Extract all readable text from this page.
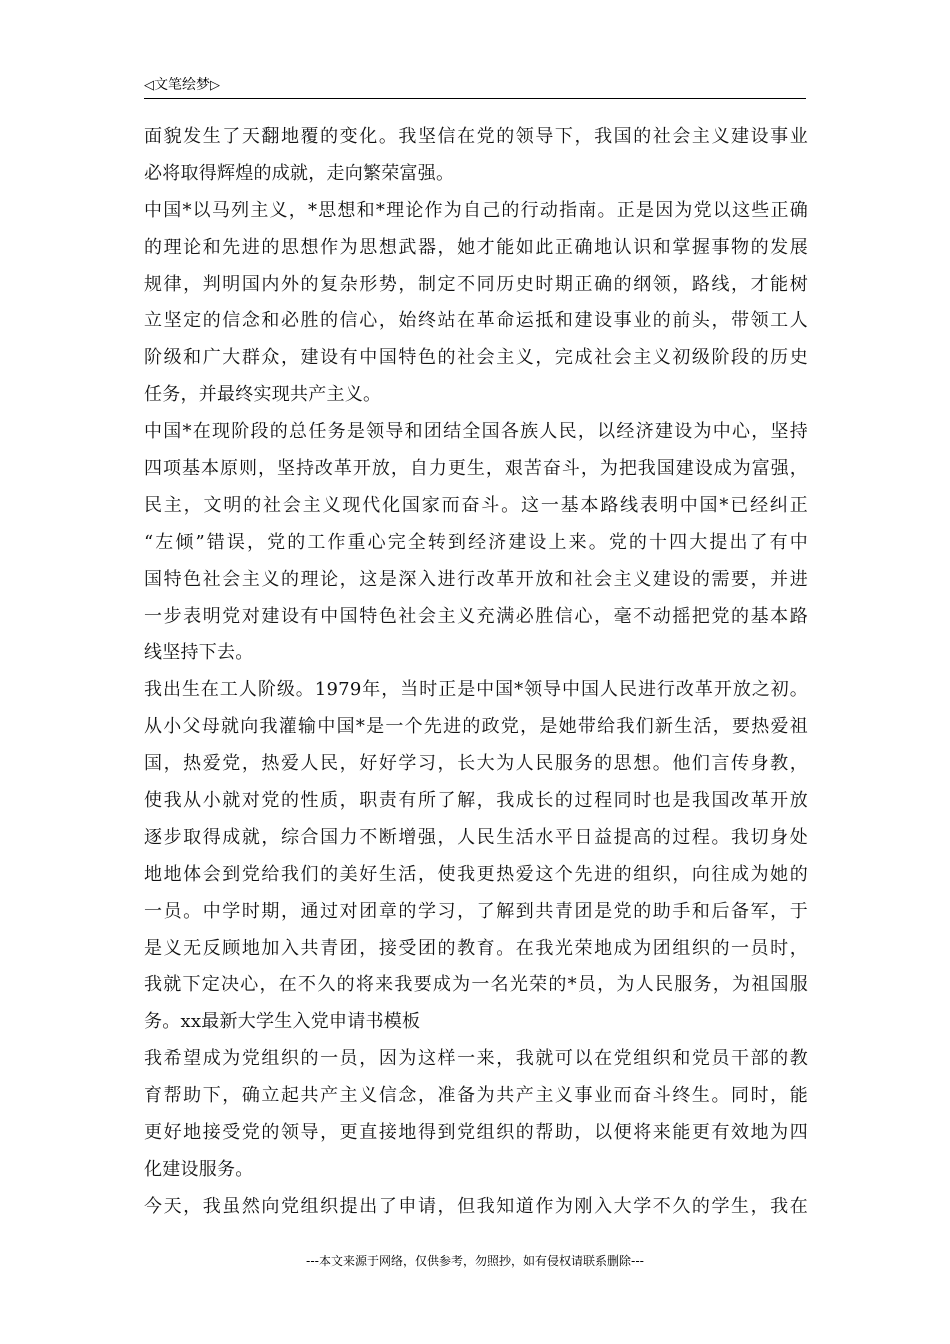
◁文笔绘梦▷
面貌发生了天翻地覆的变化。我坚信在党的领导下，我国的社会主义建设事业
必将取得辉煌的成就，走向繁荣富强。
中国*以马列主义，*思想和*理论作为自己的行动指南。正是因为党以这些正确
的理论和先进的思想作为思想武器，她才能如此正确地认识和掌握事物的发展
规律，判明国内外的复杂形势，制定不同历史时期正确的纲领，路线，才能树
立坚定的信念和必胜的信心，始终站在革命运抵和建设事业的前头，带领工人
阶级和广大群众，建设有中国特色的社会主义，完成社会主义初级阶段的历史
任务，并最终实现共产主义。
中国*在现阶段的总任务是领导和团结全国各族人民，以经济建设为中心，坚持
四项基本原则，坚持改革开放，自力更生，艰苦奋斗，为把我国建设成为富强，
民主，文明的社会主义现代化国家而奋斗。这一基本路线表明中国*已经纠正
“左倾”错误，党的工作重心完全转到经济建设上来。党的十四大提出了有中
国特色社会主义的理论，这是深入进行改革开放和社会主义建设的需要，并进
一步表明党对建设有中国特色社会主义充满必胜信心，毫不动摇把党的基本路
线坚持下去。
我出生在工人阶级。1979年，当时正是中国*领导中国人民进行改革开放之初。
从小父母就向我灌输中国*是一个先进的政党，是她带给我们新生活，要热爱祖
国，热爱党，热爱人民，好好学习，长大为人民服务的思想。他们言传身教，
使我从小就对党的性质，职责有所了解，我成长的过程同时也是我国改革开放
逐步取得成就，综合国力不断增强，人民生活水平日益提高的过程。我切身处
地地体会到党给我们的美好生活，使我更热爱这个先进的组织，向往成为她的
一员。中学时期，通过对团章的学习，了解到共青团是党的助手和后备军，于
是义无反顾地加入共青团，接受团的教育。在我光荣地成为团组织的一员时，
我就下定决心，在不久的将来我要成为一名光荣的*员，为人民服务，为祖国服
务。xx最新大学生入党申请书模板
我希望成为党组织的一员，因为这样一来，我就可以在党组织和党员干部的教
育帮助下，确立起共产主义信念，准备为共产主义事业而奋斗终生。同时，能
更好地接受党的领导，更直接地得到党组织的帮助，以便将来能更有效地为四
化建设服务。
今天，我虽然向党组织提出了申请，但我知道作为刚入大学不久的学生，我在
---本文来源于网络，仅供参考，勿照抄，如有侵权请联系删除---
